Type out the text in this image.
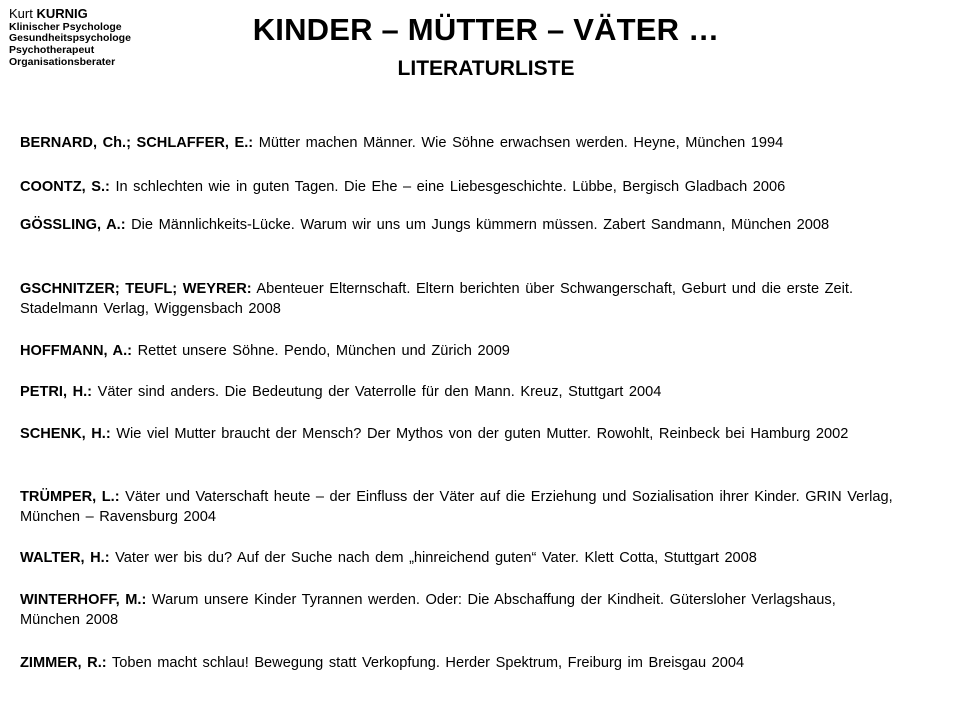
Kurt KURNIG
Klinischer Psychologe
Gesundheitspsychologe
Psychotherapeut
Organisationsberater
KINDER – MÜTTER – VÄTER …
LITERATURLISTE
BERNARD, Ch.; SCHLAFFER, E.: Mütter machen Männer. Wie Söhne erwachsen werden. Heyne, München 1994
COONTZ, S.: In schlechten wie in guten Tagen. Die Ehe – eine Liebesgeschichte. Lübbe, Bergisch Gladbach 2006
GÖSSLING, A.: Die Männlichkeits-Lücke. Warum wir uns um Jungs kümmern müssen. Zabert Sandmann, München 2008
GSCHNITZER; TEUFL; WEYRER: Abenteuer Elternschaft. Eltern berichten über Schwangerschaft, Geburt und die erste Zeit. Stadelmann Verlag, Wiggensbach 2008
HOFFMANN, A.: Rettet unsere Söhne. Pendo, München und Zürich 2009
PETRI, H.: Väter sind anders. Die Bedeutung der Vaterrolle für den Mann. Kreuz, Stuttgart 2004
SCHENK, H.: Wie viel Mutter braucht der Mensch? Der Mythos von der guten Mutter. Rowohlt, Reinbeck bei Hamburg 2002
TRÜMPER, L.: Väter und Vaterschaft heute – der Einfluss der Väter auf die Erziehung und Sozialisation ihrer Kinder. GRIN Verlag, München – Ravensburg 2004
WALTER, H.: Vater wer bis du? Auf der Suche nach dem „hinreichend guten“ Vater. Klett Cotta, Stuttgart 2008
WINTERHOFF, M.: Warum unsere Kinder Tyrannen werden. Oder: Die Abschaffung der Kindheit. Gütersloher Verlagshaus, München 2008
ZIMMER, R.: Toben macht schlau! Bewegung statt Verkopfung. Herder Spektrum, Freiburg im Breisgau 2004
